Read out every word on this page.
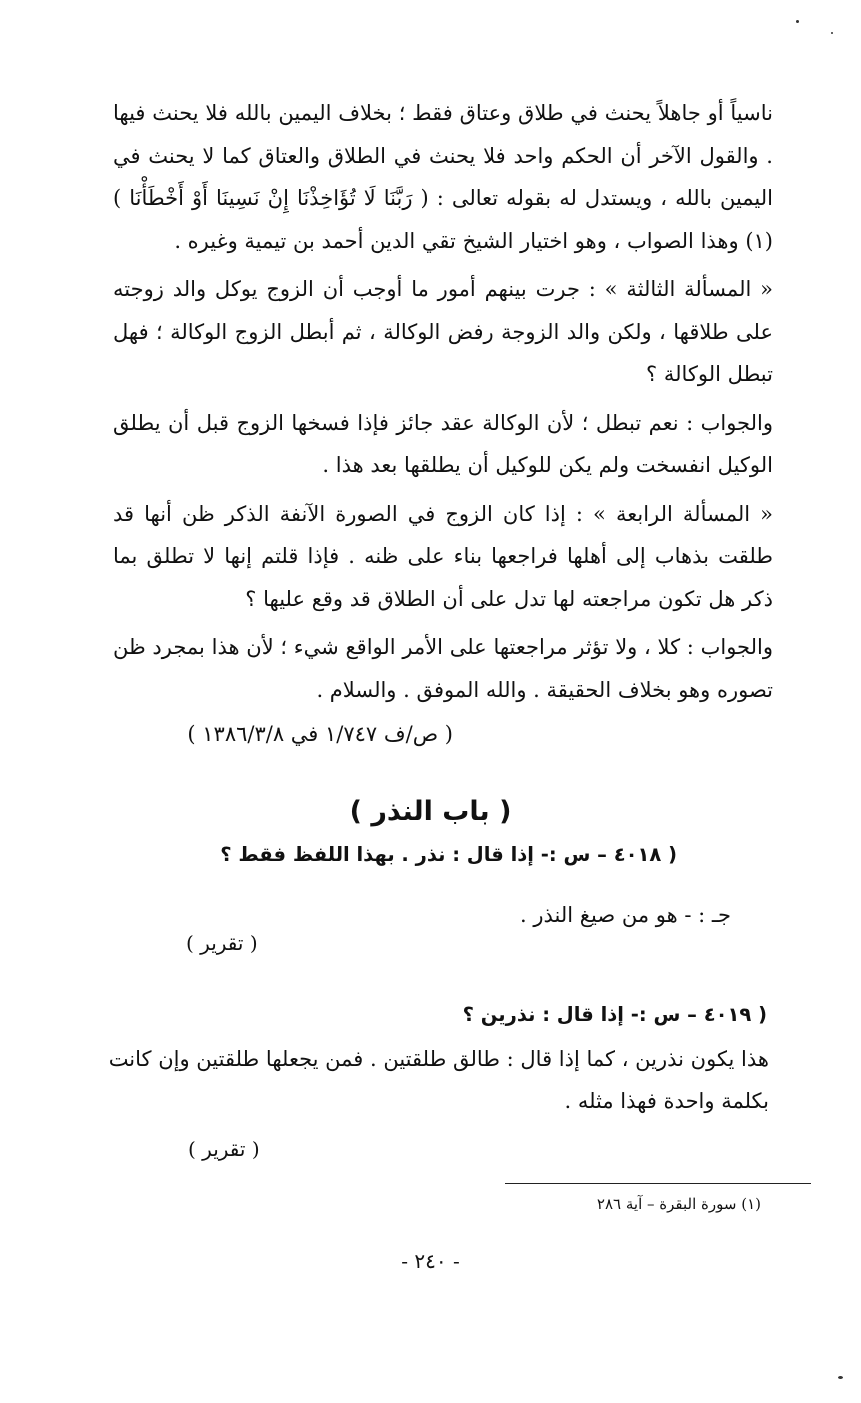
ناسياً أو جاهلاً يحنث في طلاق وعتاق فقط ؛ بخلاف اليمين بالله فلا يحنث فيها . والقول الآخر أن الحكم واحد فلا يحنث في الطلاق والعتاق كما لا يحنث في اليمين بالله ، ويستدل له بقوله تعالى : ( رَبَّنَا لَا تُؤَاخِذْنَا إِنْ نَسِينَا أَوْ أَخْطَأْنَا ) (١) وهذا الصواب ، وهو اختيار الشيخ تقي الدين أحمد بن تيمية وغيره .

« المسألة الثالثة » : جرت بينهم أمور ما أوجب أن الزوج يوكل والد زوجته على طلاقها ، ولكن والد الزوجة رفض الوكالة ، ثم أبطل الزوج الوكالة ؛ فهل تبطل الوكالة ؟

والجواب : نعم تبطل ؛ لأن الوكالة عقد جائز فإذا فسخها الزوج قبل أن يطلق الوكيل انفسخت ولم يكن للوكيل أن يطلقها بعد هذا .

« المسألة الرابعة » : إذا كان الزوج في الصورة الآنفة الذكر ظن أنها قد طلقت بذهاب إلى أهلها فراجعها بناء على ظنه . فإذا قلتم إنها لا تطلق بما ذكر هل تكون مراجعته لها تدل على أن الطلاق قد وقع عليها ؟

والجواب : كلا ، ولا تؤثر مراجعتها على الأمر الواقع شيء ؛ لأن هذا بمجرد ظن تصوره وهو بخلاف الحقيقة . والله الموفق . والسلام .

( ص/ف ١/٧٤٧ في ١٣٨٦/٣/٨ )
( باب النذر )
( ٤٠١٨ – س :- إذا قال : نذر . بهذا اللفظ فقط ؟
جـ : - هو من صيغ النذر .
( تقرير )
( ٤٠١٩ – س :- إذا قال : نذرين ؟
هذا يكون نذرين ، كما إذا قال : طالق طلقتين . فمن يجعلها طلقتين وإن كانت بكلمة واحدة فهذا مثله .
( تقرير )
(١) سورة البقرة – آية ٢٨٦
- ٢٤٠ -
